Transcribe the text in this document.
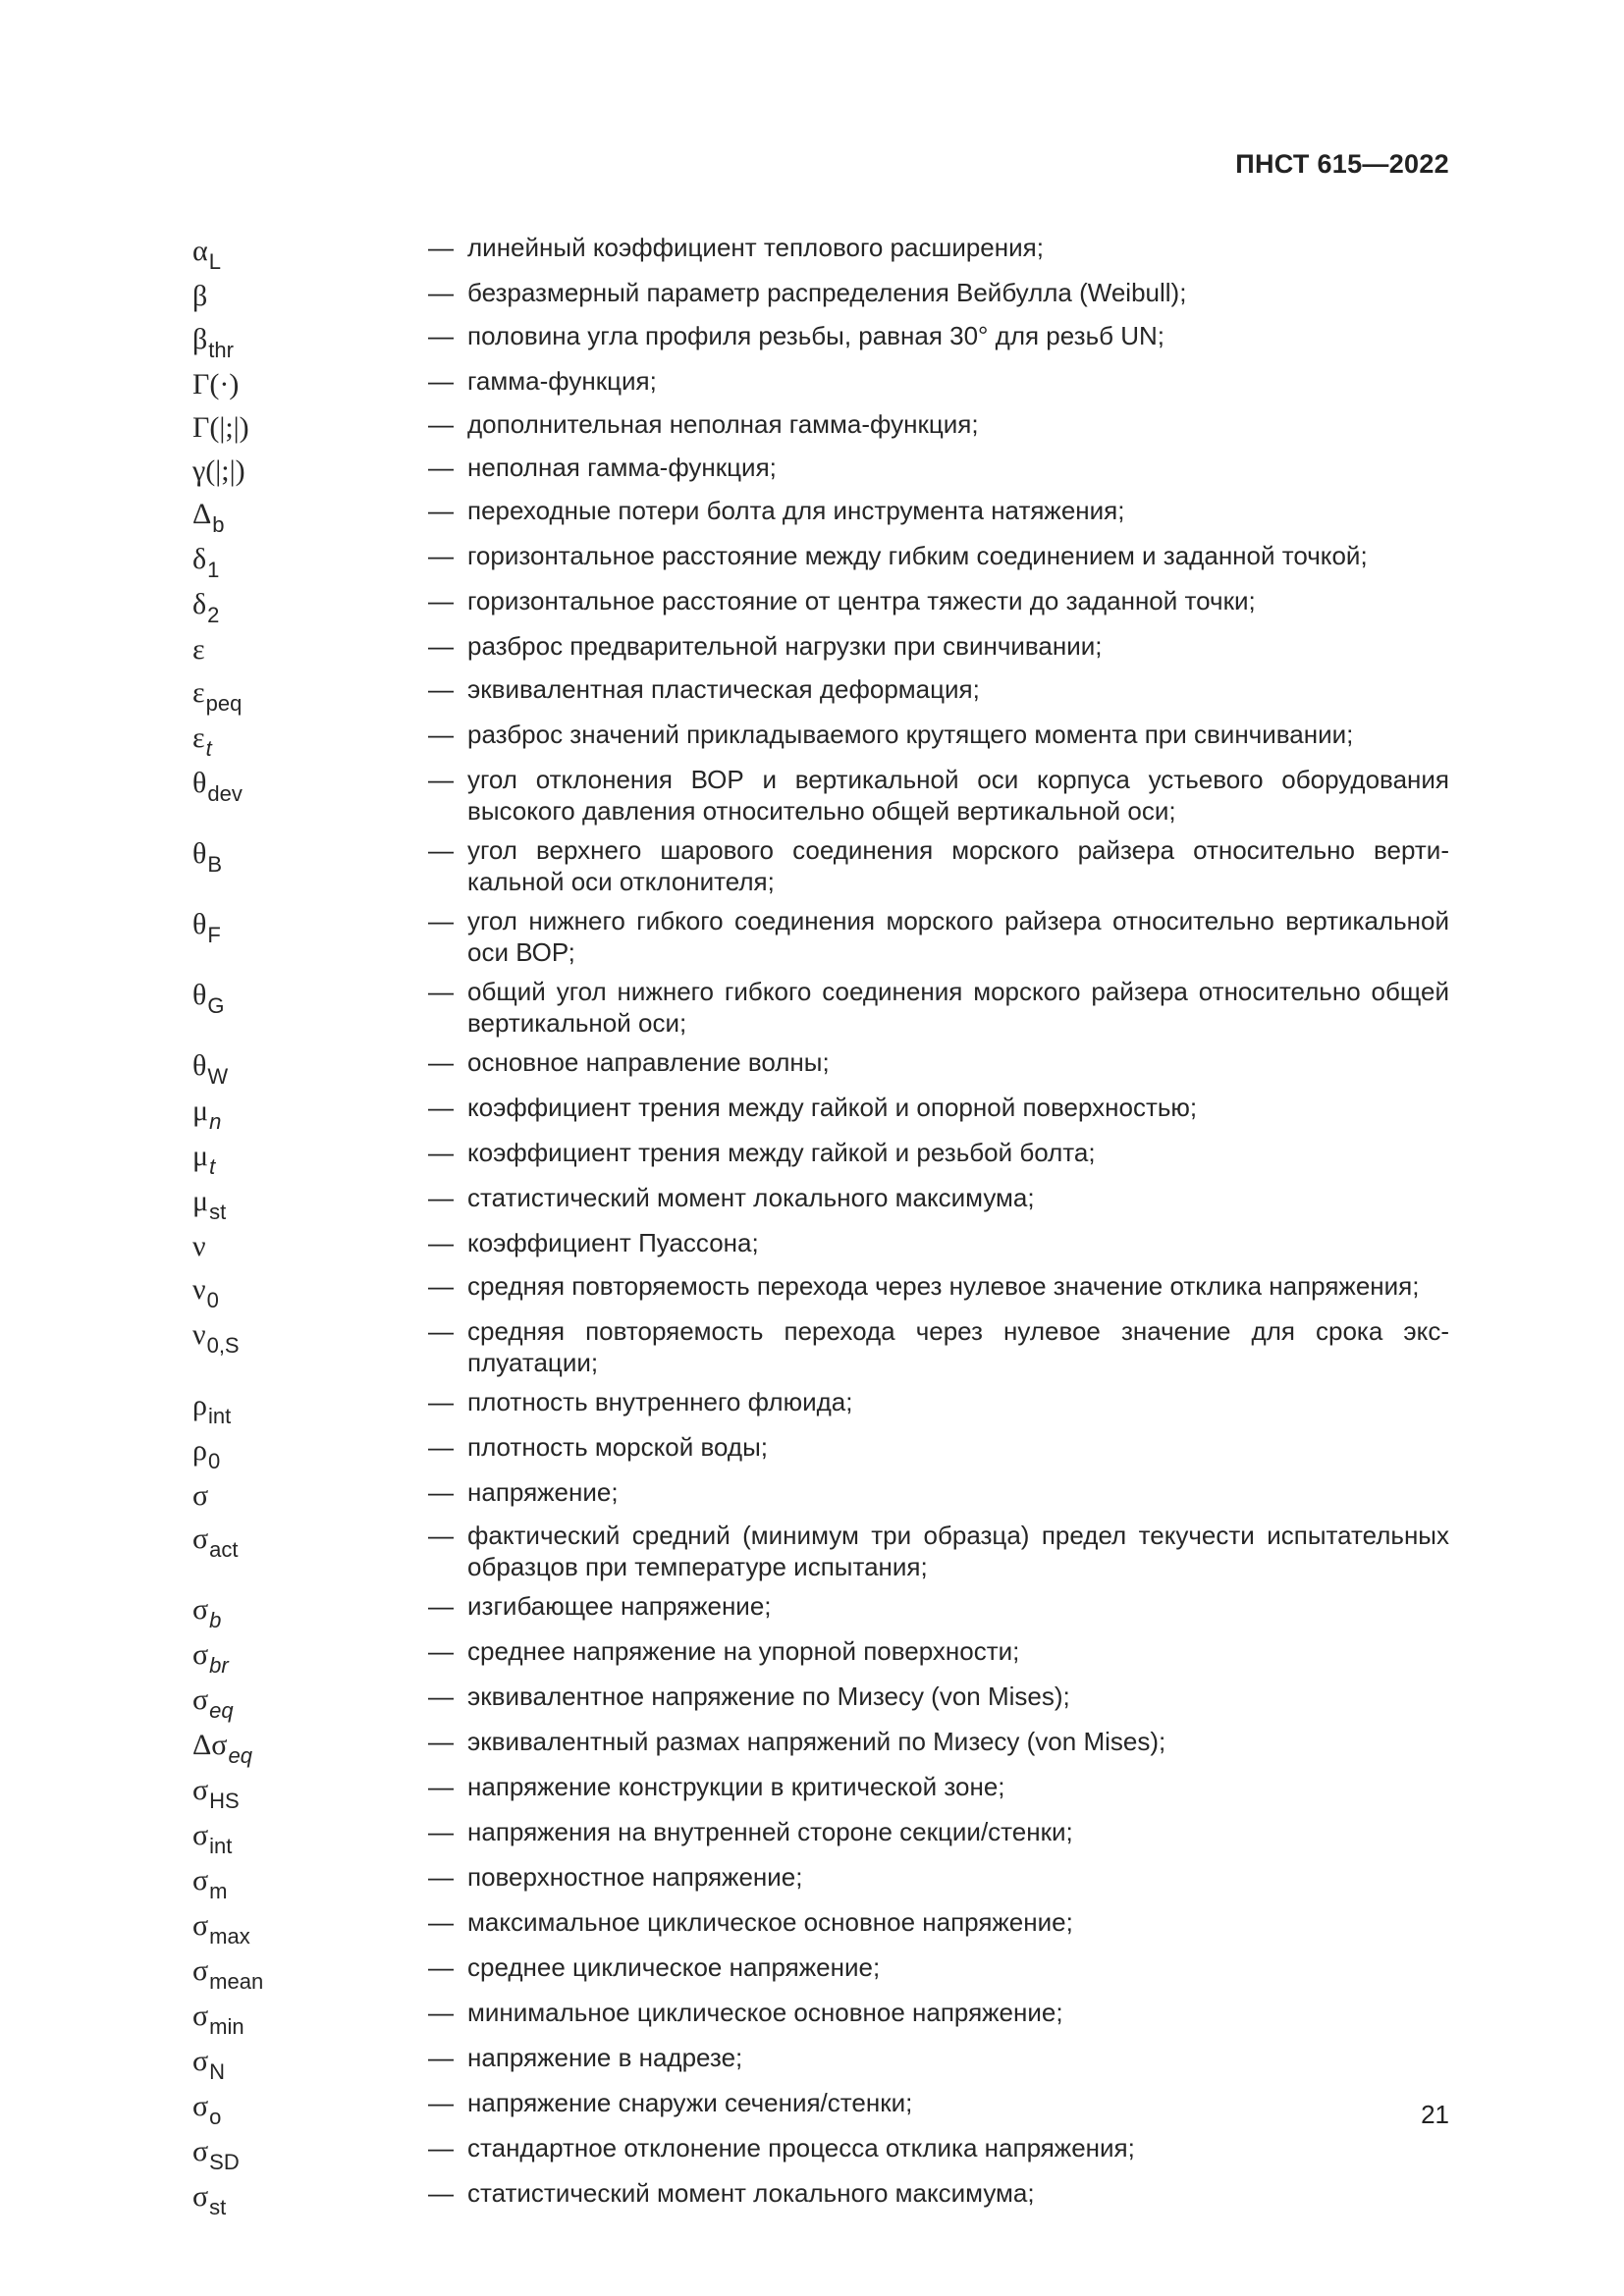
ПНСТ 615—2022
$\alpha_L$	— линейный коэффициент теплового расширения;
β	— безразмерный параметр распределения Вейбулла (Weibull);
$\beta_{thr}$	— половина угла профиля резьбы, равная 30° для резьб UN;
Γ(·)	— гамма-функция;
Γ(|;|)	— дополнительная неполная гамма-функция;
γ(|;|)	— неполная гамма-функция;
$\Delta_b$	— переходные потери болта для инструмента натяжения;
$\delta_1$	— горизонтальное расстояние между гибким соединением и заданной точкой;
$\delta_2$	— горизонтальное расстояние от центра тяжести до заданной точки;
ε	— разброс предварительной нагрузки при свинчивании;
$\varepsilon_{peq}$	— эквивалентная пластическая деформация;
$\varepsilon_t$	— разброс значений прикладываемого крутящего момента при свинчивании;
$\theta_{dev}$	— угол отклонения ВОР и вертикальной оси корпуса устьевого оборудования высокого давления относительно общей вертикальной оси;
$\theta_B$	— угол верхнего шарового соединения морского райзера относительно вертикальной оси отклонителя;
$\theta_F$	— угол нижнего гибкого соединения морского райзера относительно вертикальной оси ВОР;
$\theta_G$	— общий угол нижнего гибкого соединения морского райзера относительно общей вертикальной оси;
$\theta_W$	— основное направление волны;
$\mu_n$	— коэффициент трения между гайкой и опорной поверхностью;
$\mu_t$	— коэффициент трения между гайкой и резьбой болта;
$\mu_{st}$	— статистический момент локального максимума;
ν	— коэффициент Пуассона;
$\nu_0$	— средняя повторяемость перехода через нулевое значение отклика напряжения;
$\nu_{0,S}$	— средняя повторяемость перехода через нулевое значение для срока эксплуатации;
$\rho_{int}$	— плотность внутреннего флюида;
$\rho_0$	— плотность морской воды;
σ	— напряжение;
$\sigma_{act}$	— фактический средний (минимум три образца) предел текучести испытательных образцов при температуре испытания;
$\sigma_b$	— изгибающее напряжение;
$\sigma_{br}$	— среднее напряжение на упорной поверхности;
$\sigma_{eq}$	— эквивалентное напряжение по Мизесу (von Mises);
$\Delta\sigma_{eq}$	— эквивалентный размах напряжений по Мизесу (von Mises);
$\sigma_{HS}$	— напряжение конструкции в критической зоне;
$\sigma_{int}$	— напряжения на внутренней стороне секции/стенки;
$\sigma_m$	— поверхностное напряжение;
$\sigma_{max}$	— максимальное циклическое основное напряжение;
$\sigma_{mean}$	— среднее циклическое напряжение;
$\sigma_{min}$	— минимальное циклическое основное напряжение;
$\sigma_N$	— напряжение в надрезе;
$\sigma_o$	— напряжение снаружи сечения/стенки;
$\sigma_{SD}$	— стандартное отклонение процесса отклика напряжения;
$\sigma_{st}$	— статистический момент локального максимума;
21
